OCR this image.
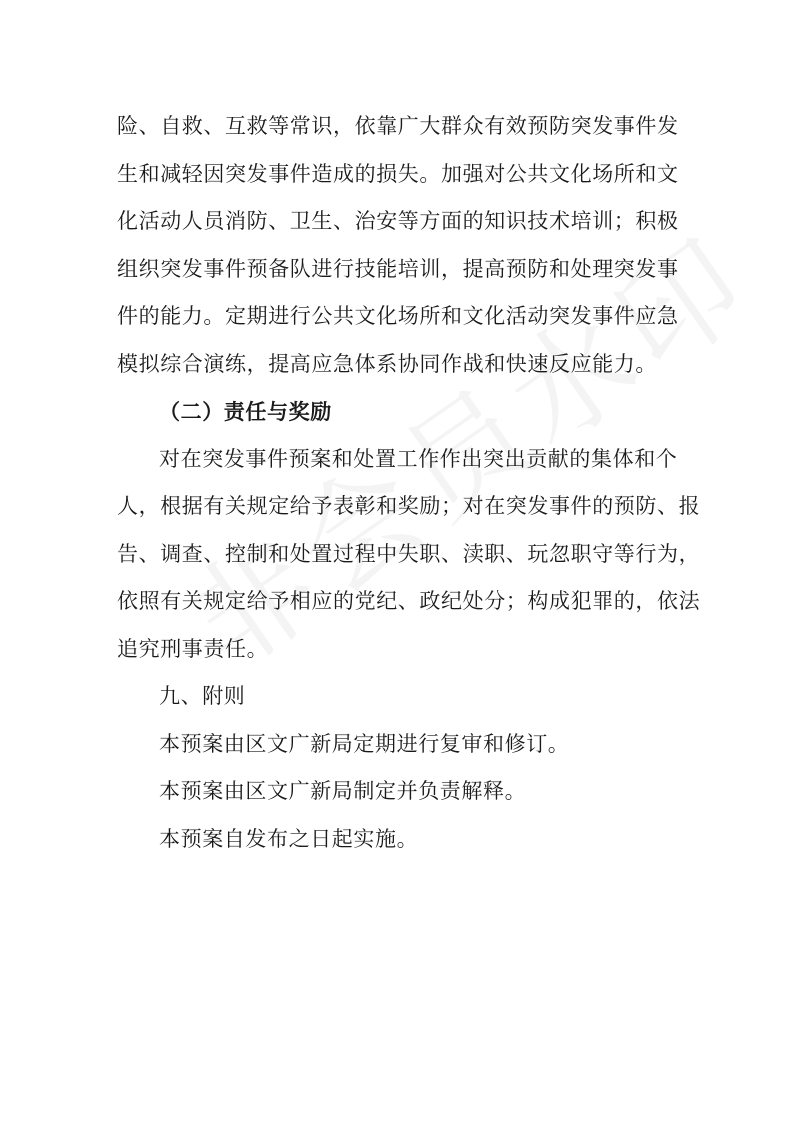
险、自救、互救等常识，依靠广大群众有效预防突发事件发
生和减轻因突发事件造成的损失。加强对公共文化场所和文
化活动人员消防、卫生、治安等方面的知识技术培训；积极
组织突发事件预备队进行技能培训，提高预防和处理突发事
件的能力。定期进行公共文化场所和文化活动突发事件应急
模拟综合演练，提高应急体系协同作战和快速反应能力。
（二）责任与奖励
对在突发事件预案和处置工作作出突出贡献的集体和个
人，根据有关规定给予表彰和奖励；对在突发事件的预防、报
告、调查、控制和处置过程中失职、渎职、玩忽职守等行为，
依照有关规定给予相应的党纪、政纪处分；构成犯罪的，依法
追究刑事责任。
九、附则
本预案由区文广新局定期进行复审和修订。
本预案由区文广新局制定并负责解释。
本预案自发布之日起实施。
